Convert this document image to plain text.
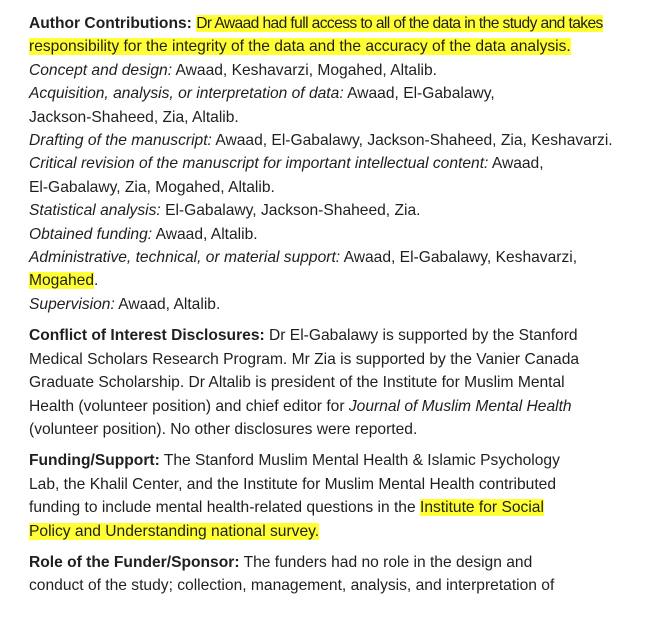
Author Contributions: Dr Awaad had full access to all of the data in the study and takes
responsibility for the integrity of the data and the accuracy of the data analysis.
Concept and design: Awaad, Keshavarzi, Mogahed, Altalib.
Acquisition, analysis, or interpretation of data: Awaad, El-Gabalawy,
Jackson-Shaheed, Zia, Altalib.
Drafting of the manuscript: Awaad, El-Gabalawy, Jackson-Shaheed, Zia, Keshavarzi.
Critical revision of the manuscript for important intellectual content: Awaad,
El-Gabalawy, Zia, Mogahed, Altalib.
Statistical analysis: El-Gabalawy, Jackson-Shaheed, Zia.
Obtained funding: Awaad, Altalib.
Administrative, technical, or material support: Awaad, El-Gabalawy, Keshavarzi,
Mogahed.
Supervision: Awaad, Altalib.
Conflict of Interest Disclosures: Dr El-Gabalawy is supported by the Stanford
Medical Scholars Research Program. Mr Zia is supported by the Vanier Canada
Graduate Scholarship. Dr Altalib is president of the Institute for Muslim Mental
Health (volunteer position) and chief editor for Journal of Muslim Mental Health
(volunteer position). No other disclosures were reported.
Funding/Support: The Stanford Muslim Mental Health & Islamic Psychology
Lab, the Khalil Center, and the Institute for Muslim Mental Health contributed
funding to include mental health-related questions in the Institute for Social
Policy and Understanding national survey.
Role of the Funder/Sponsor: The funders had no role in the design and
conduct of the study; collection, management, analysis, and interpretation of
